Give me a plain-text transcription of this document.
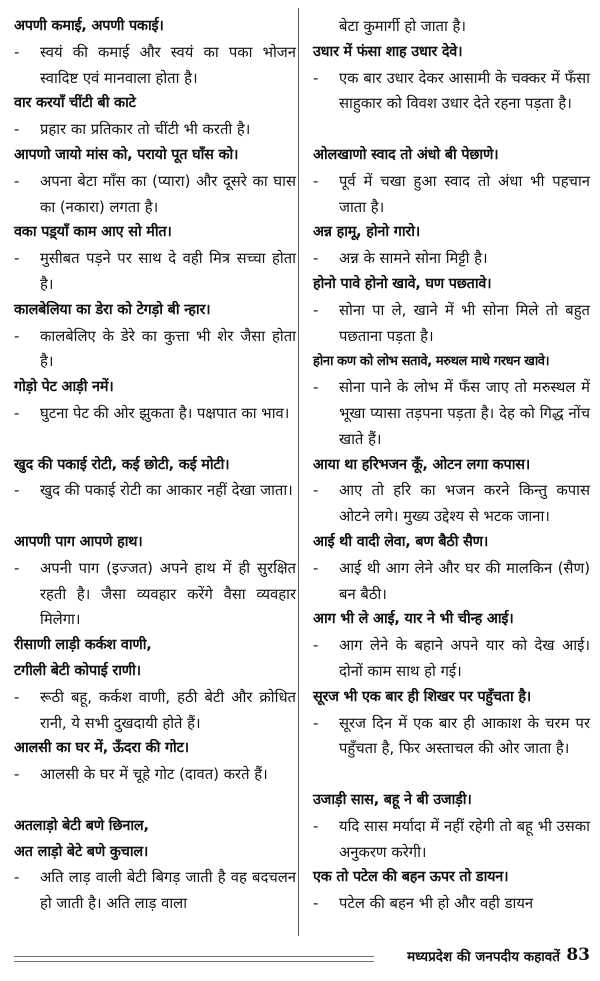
अपणी कमाई, अपणी पकाई।
-	स्वयं की कमाई और स्वयं का पका भोजन स्वादिष्ट एवं मानवाला होता है।
वार करयाँ चींटी बी काटे
-	प्रहार का प्रतिकार तो चींटी भी करती है।
आपणो जायो मांस को, परायो पूत घाँस को।
-	अपना बेटा माँस का (प्यारा) और दूसरे का घास का (नकारा) लगता है।
वका पड़्याँ काम आए सो मीत।
-	मुसीबत पड़ने पर साथ दे वही मित्र सच्चा होता है।
कालबेलिया का डेरा को टेगड़ो बी न्हार।
-	कालबेलिए के डेरे का कुत्ता भी शेर जैसा होता है।
गोड़ो पेट आड़ी नमें।
-	घुटना पेट की ओर झुकता है। पक्षपात का भाव।
खुद की पकाई रोटी, कई छोटी, कई मोटी।
-	खुद की पकाई रोटी का आकार नहीं देखा जाता।
आपणी पाग आपणे हाथ।
-	अपनी पाग (इज्जत) अपने हाथ में ही सुरक्षित रहती है। जैसा व्यवहार करेंगे वैसा व्यवहार मिलेगा।
रीसाणी लाड़ी कर्कश वाणी,
टगीली बेटी कोपाई राणी।
-	रूठी बहू, कर्कश वाणी, हठी बेटी और क्रोधित रानी, ये सभी दुखदायी होते हैं।
आलसी का घर में, ऊँदरा की गोट।
-	आलसी के घर में चूहे गोट (दावत) करते हैं।
अतलाड़ो बेटी बणे छिनाल,
अत लाड़ो बेटे बणे कुचाल।
-	अति लाड़ वाली बेटी बिगड़ जाती है वह बदचलन हो जाती है। अति लाड़ वाला
बेटा कुमार्गी हो जाता है।
उधार में फंसा शाह उधार देवे।
-	एक बार उधार देकर आसामी के चक्कर में फँसा साहुकार को विवश उधार देते रहना पड़ता है।
ओलखाणो स्वाद तो अंधो बी पेछाणे।
-	पूर्व में चखा हुआ स्वाद तो अंधा भी पहचान जाता है।
अन्न हामू, होनो गारो।
-	अन्न के सामने सोना मिट्टी है।
होनो पावे होनो खावे, घण पछतावे।
-	सोना पा ले, खाने में भी सोना मिले तो बहुत पछताना पड़ता है।
होना कण को लोभ सतावे, मरुथल माथे गरधन खावे।
-	सोना पाने के लोभ में फँस जाए तो मरुस्थल में भूखा प्यासा तड़पना पड़ता है। देह को गिद्ध नोंच खाते हैं।
आया था हरिभजन कूँ, ओटन लगा कपास।
-	आए तो हरि का भजन करने किन्तु कपास ओटने लगे। मुख्य उद्देश्य से भटक जाना।
आई थी वादी लेवा, बण बैठी सैण।
-	आई थी आग लेने और घर की मालकिन (सैण) बन बैठी।
आग भी ले आई, यार ने भी चीन्ह आई।
-	आग लेने के बहाने अपने यार को देख आई। दोनों काम साथ हो गई।
सूरज भी एक बार ही शिखर पर पहुँचता है।
-	सूरज दिन में एक बार ही आकाश के चरम पर पहुँचता है, फिर अस्ताचल की ओर जाता है।
उजाड़ी सास, बहू ने बी उजाड़ी।
-	यदि सास मर्यादा में नहीं रहेगी तो बहू भी उसका अनुकरण करेगी।
एक तो पटेल की बहन ऊपर तो डायन।
-	पटेल की बहन भी हो और वही डायन
मध्यप्रदेश की जनपदीय कहावतें 83
